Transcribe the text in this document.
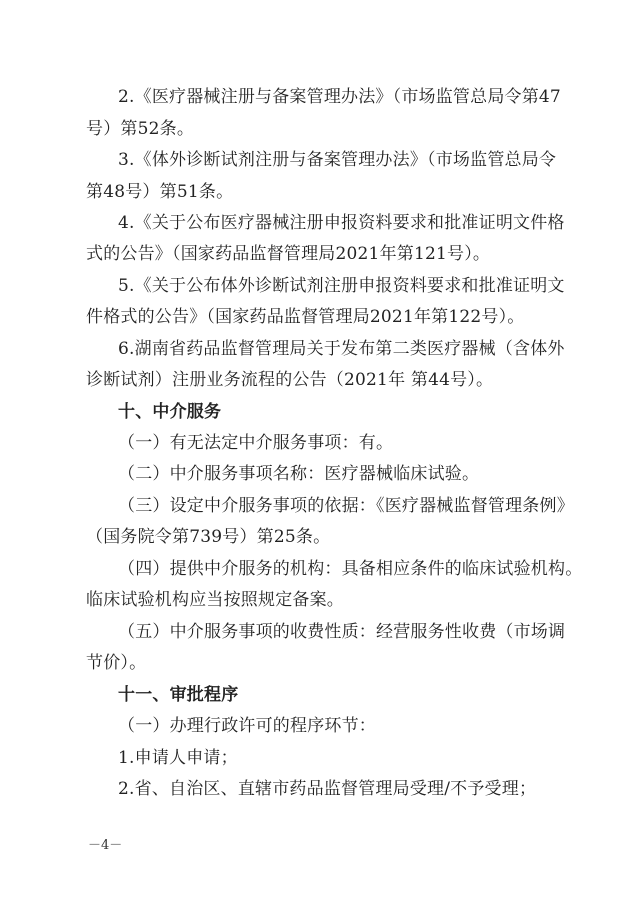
2.《医疗器械注册与备案管理办法》（市场监管总局令第47
号）第52条。
3.《体外诊断试剂注册与备案管理办法》（市场监管总局令
第48号）第51条。
4.《关于公布医疗器械注册申报资料要求和批准证明文件格
式的公告》（国家药品监督管理局2021年第121号）。
5.《关于公布体外诊断试剂注册申报资料要求和批准证明文
件格式的公告》（国家药品监督管理局2021年第122号）。
6.湖南省药品监督管理局关于发布第二类医疗器械（含体外
诊断试剂）注册业务流程的公告（2021年 第44号）。
十、中介服务
（一）有无法定中介服务事项：有。
（二）中介服务事项名称：医疗器械临床试验。
（三）设定中介服务事项的依据：《医疗器械监督管理条例》
（国务院令第739号）第25条。
（四）提供中介服务的机构：具备相应条件的临床试验机构。
临床试验机构应当按照规定备案。
（五）中介服务事项的收费性质：经营服务性收费（市场调
节价）。
十一、审批程序
（一）办理行政许可的程序环节：
1.申请人申请；
2.省、自治区、直辖市药品监督管理局受理/不予受理；
－4－
